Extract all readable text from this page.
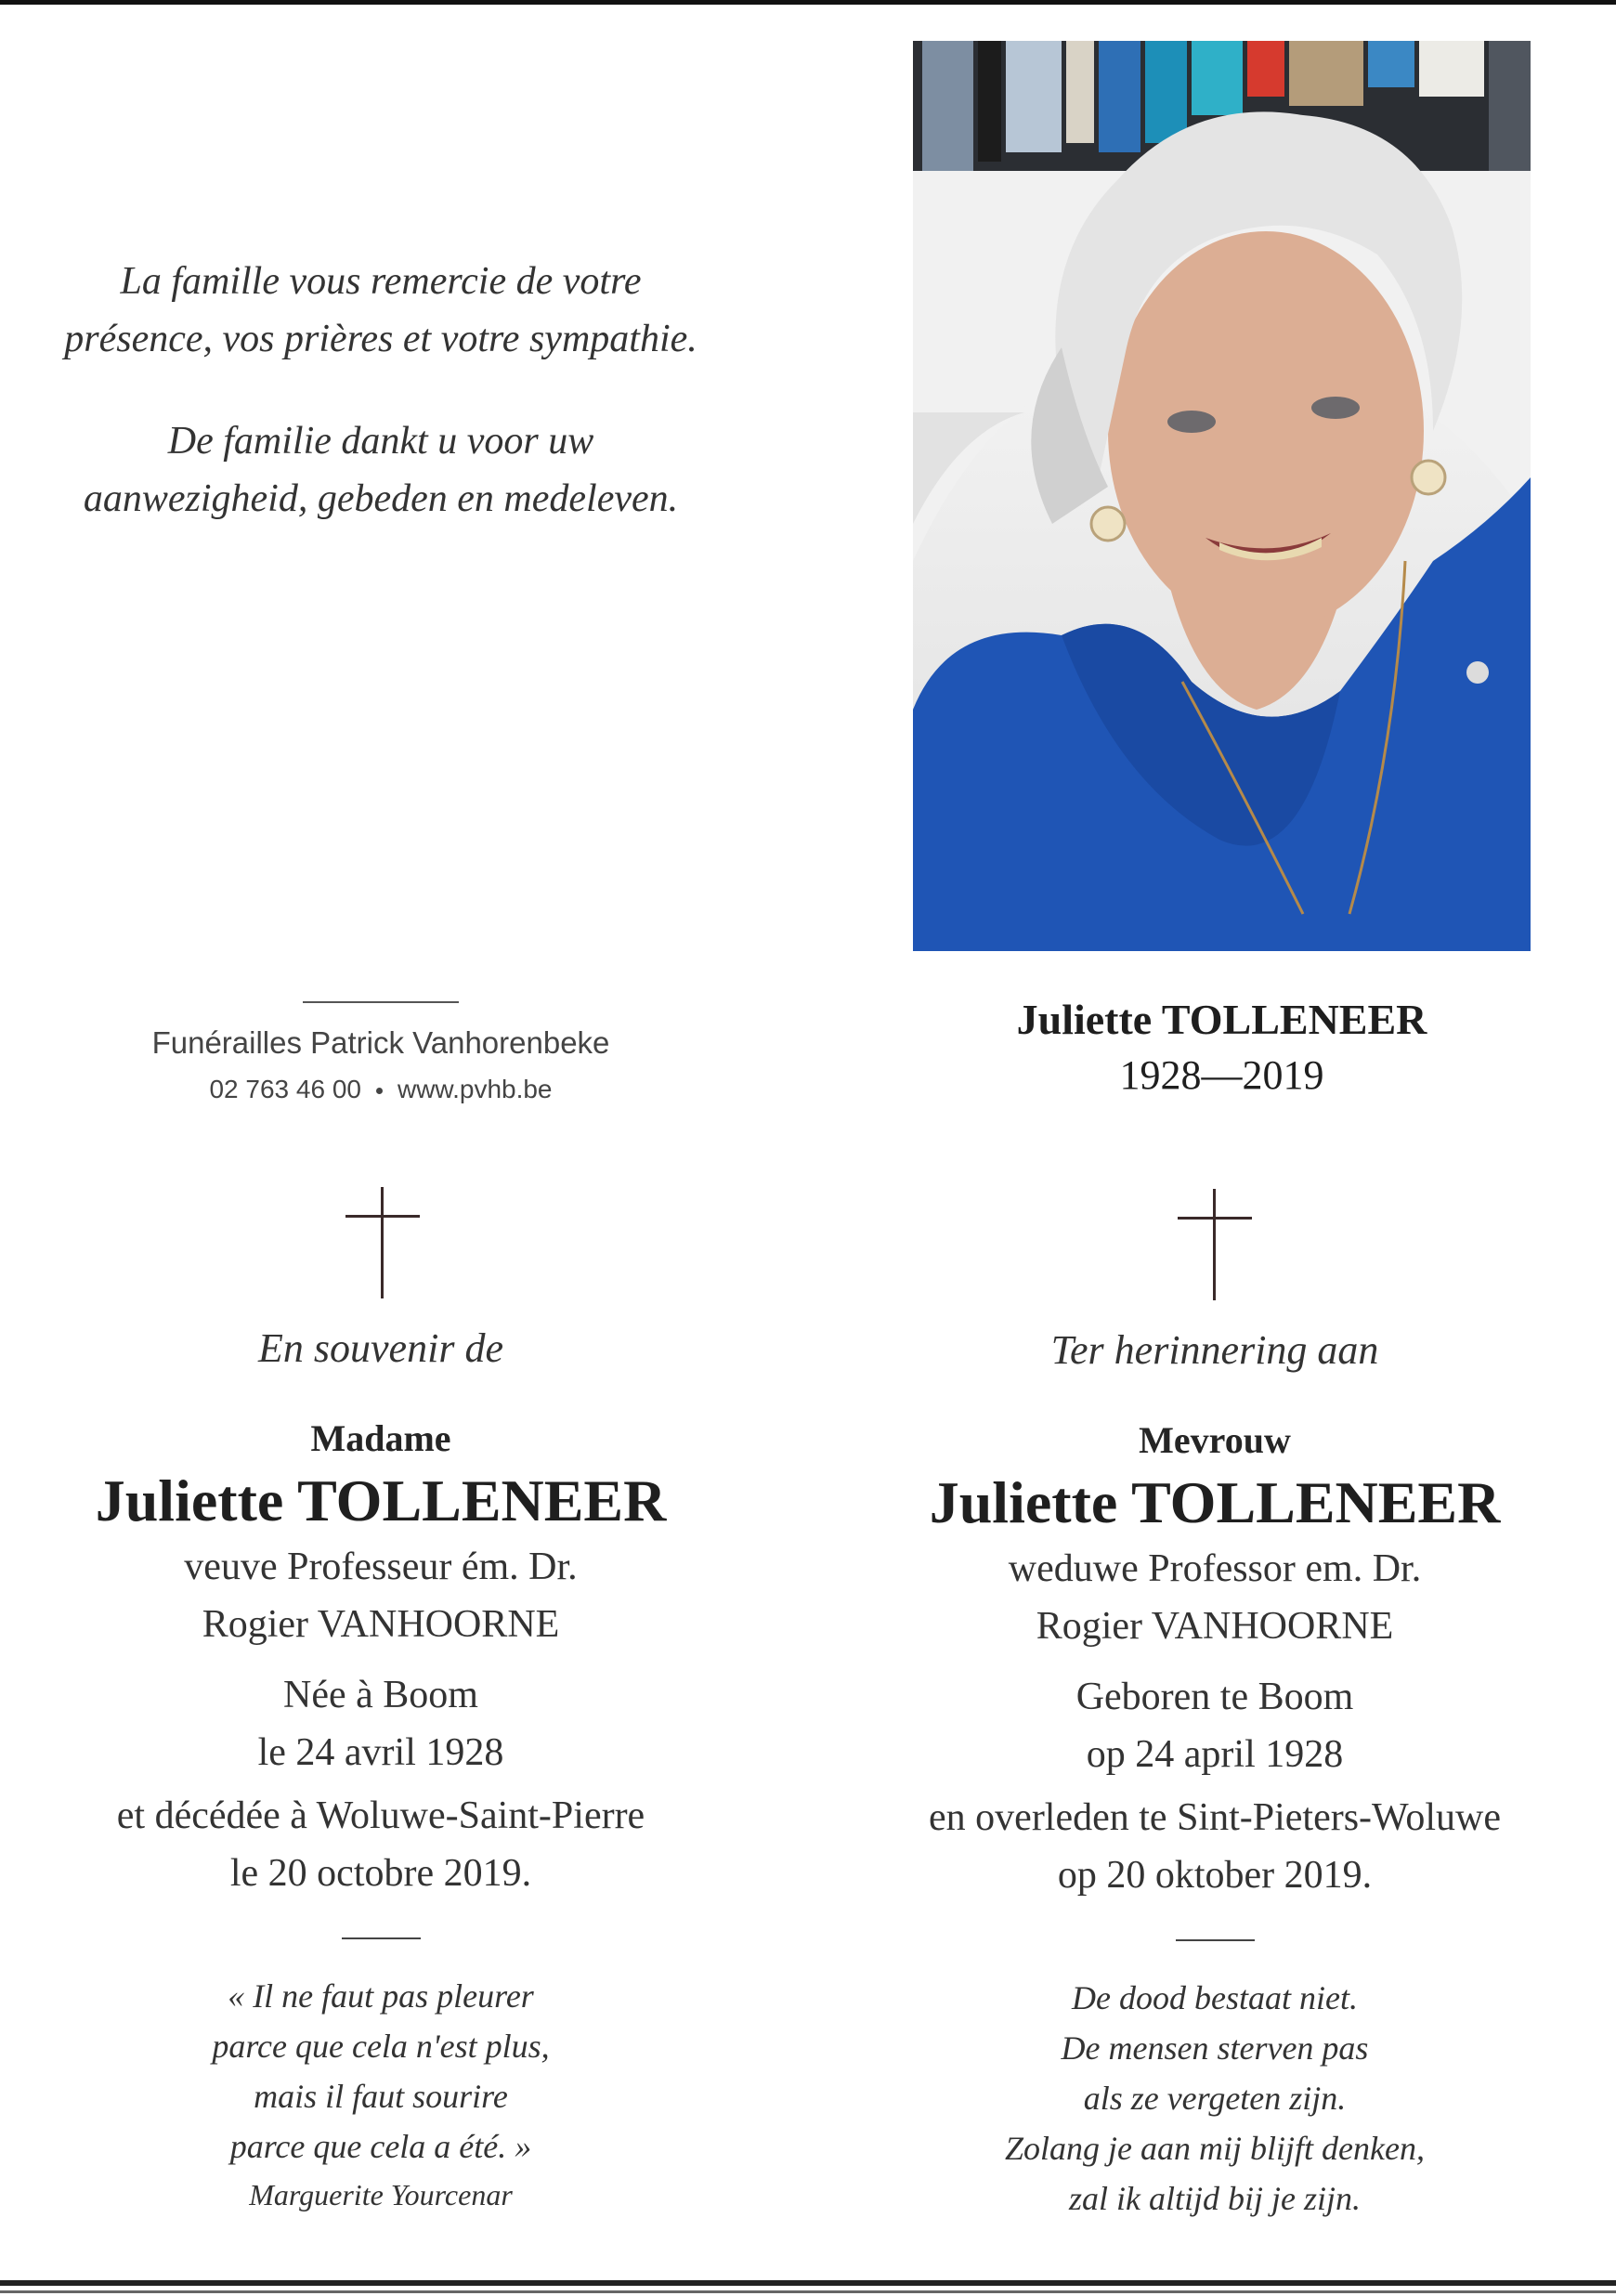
La famille vous remercie de votre

présence, vos prières et votre sympathie.

De familie dankt u voor uw

aanwezigheid, gebeden en medeleven.

Funérailles Patrick Vanhorenbeke
02 763 46 00 www.pvhb.be
Juliette TOLLENEER
1928—2019
En souvenir de
Madame
Juliette TOLLENEER
veuve Professeur ém. Dr.
Rogier VANHOORNE
Née à Boom
le 24 avril 1928
et décédée à Woluwe-Saint-Pierre
le 20 octobre 2019.
« Il ne faut pas pleurer
parce que cela n'est plus,
mais il faut sourire
parce que cela a été. »
Marguerite Yourcenar
Ter herinnering aan
Mevrouw
Juliette TOLLENEER
weduwe Professor em. Dr.
Rogier VANHOORNE
Geboren te Boom
op 24 april 1928
en overleden te Sint-Pieters-Woluwe
op 20 oktober 2019.
De dood bestaat niet.
De mensen sterven pas
als ze vergeten zijn.
Zolang je aan mij blijft denken,
zal ik altijd bij je zijn.
